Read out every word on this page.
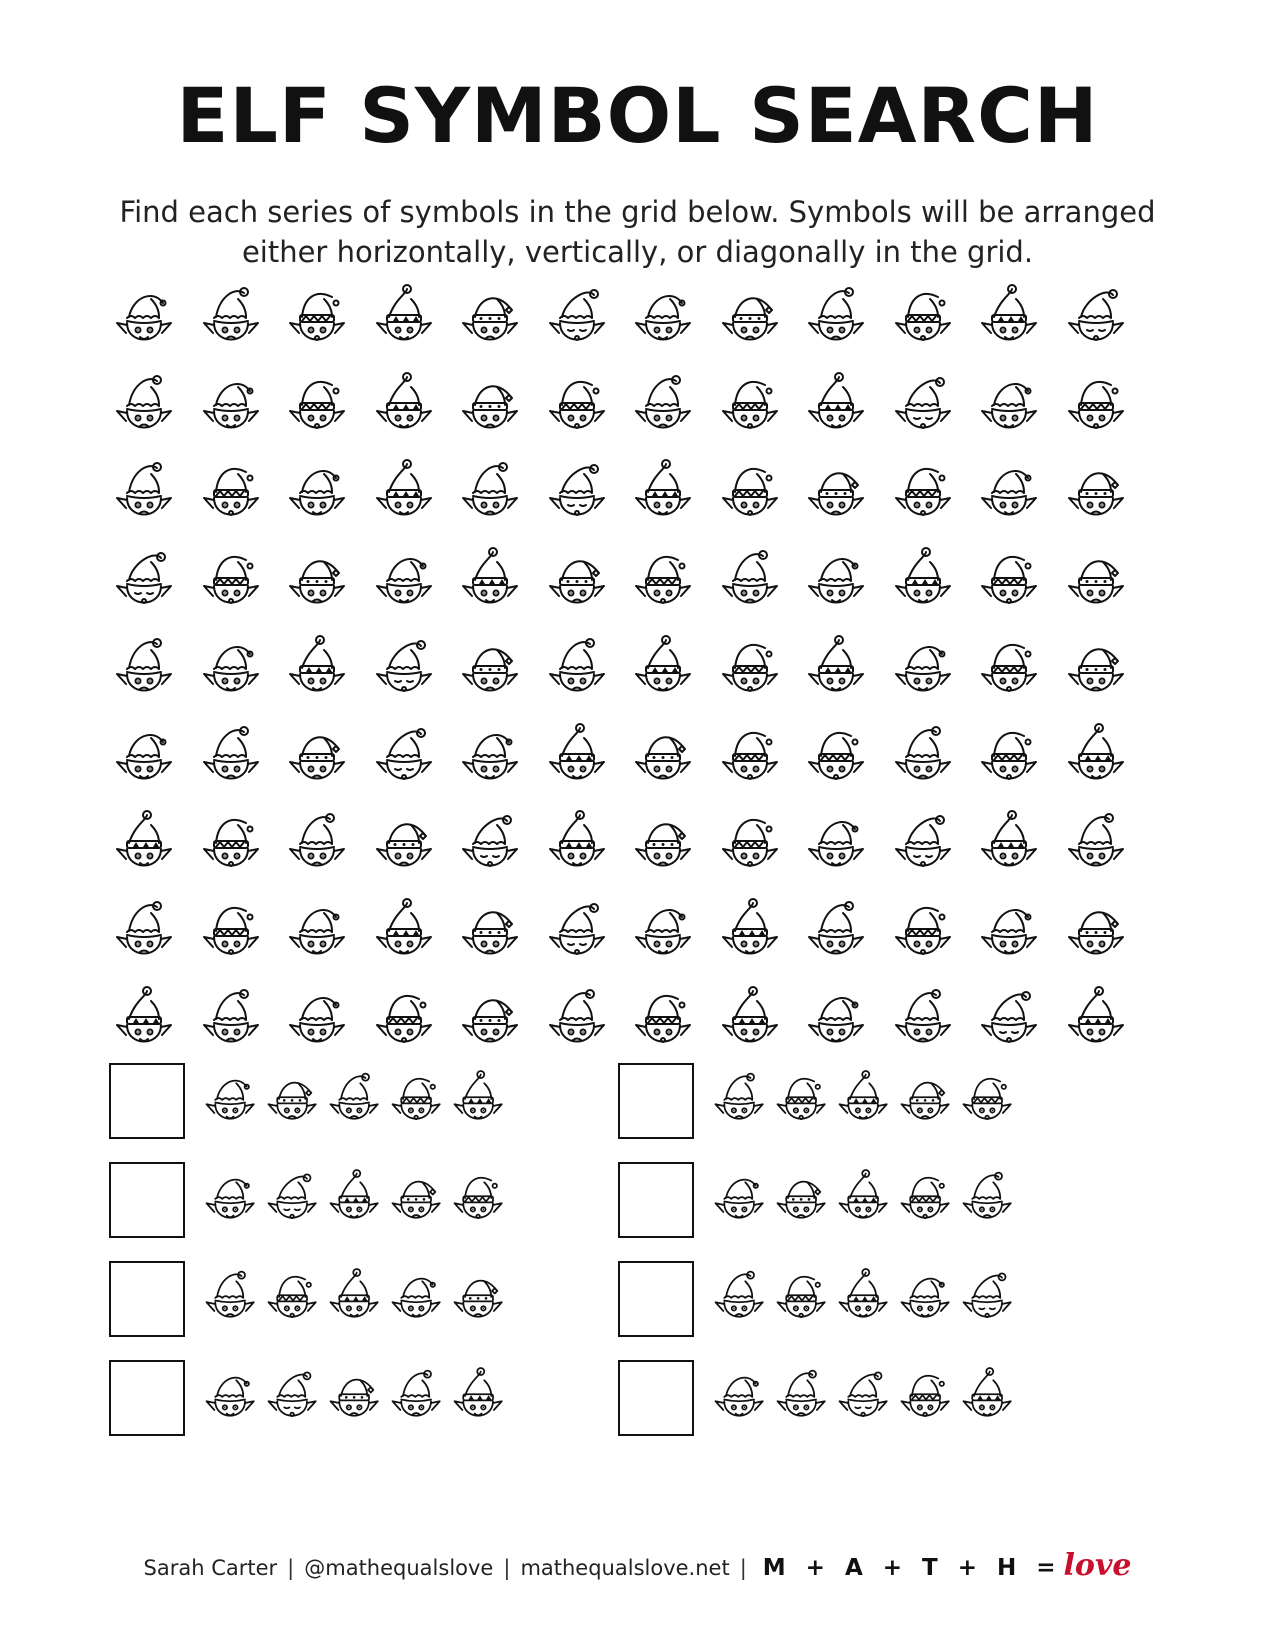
ELF SYMBOL SEARCH

Find each series of symbols in the grid below. Symbols will be arranged either horizontally, vertically, or diagonally in the grid.

Sarah Carter | @mathequalslove | mathequalslove.net | M + A + T + H =love
